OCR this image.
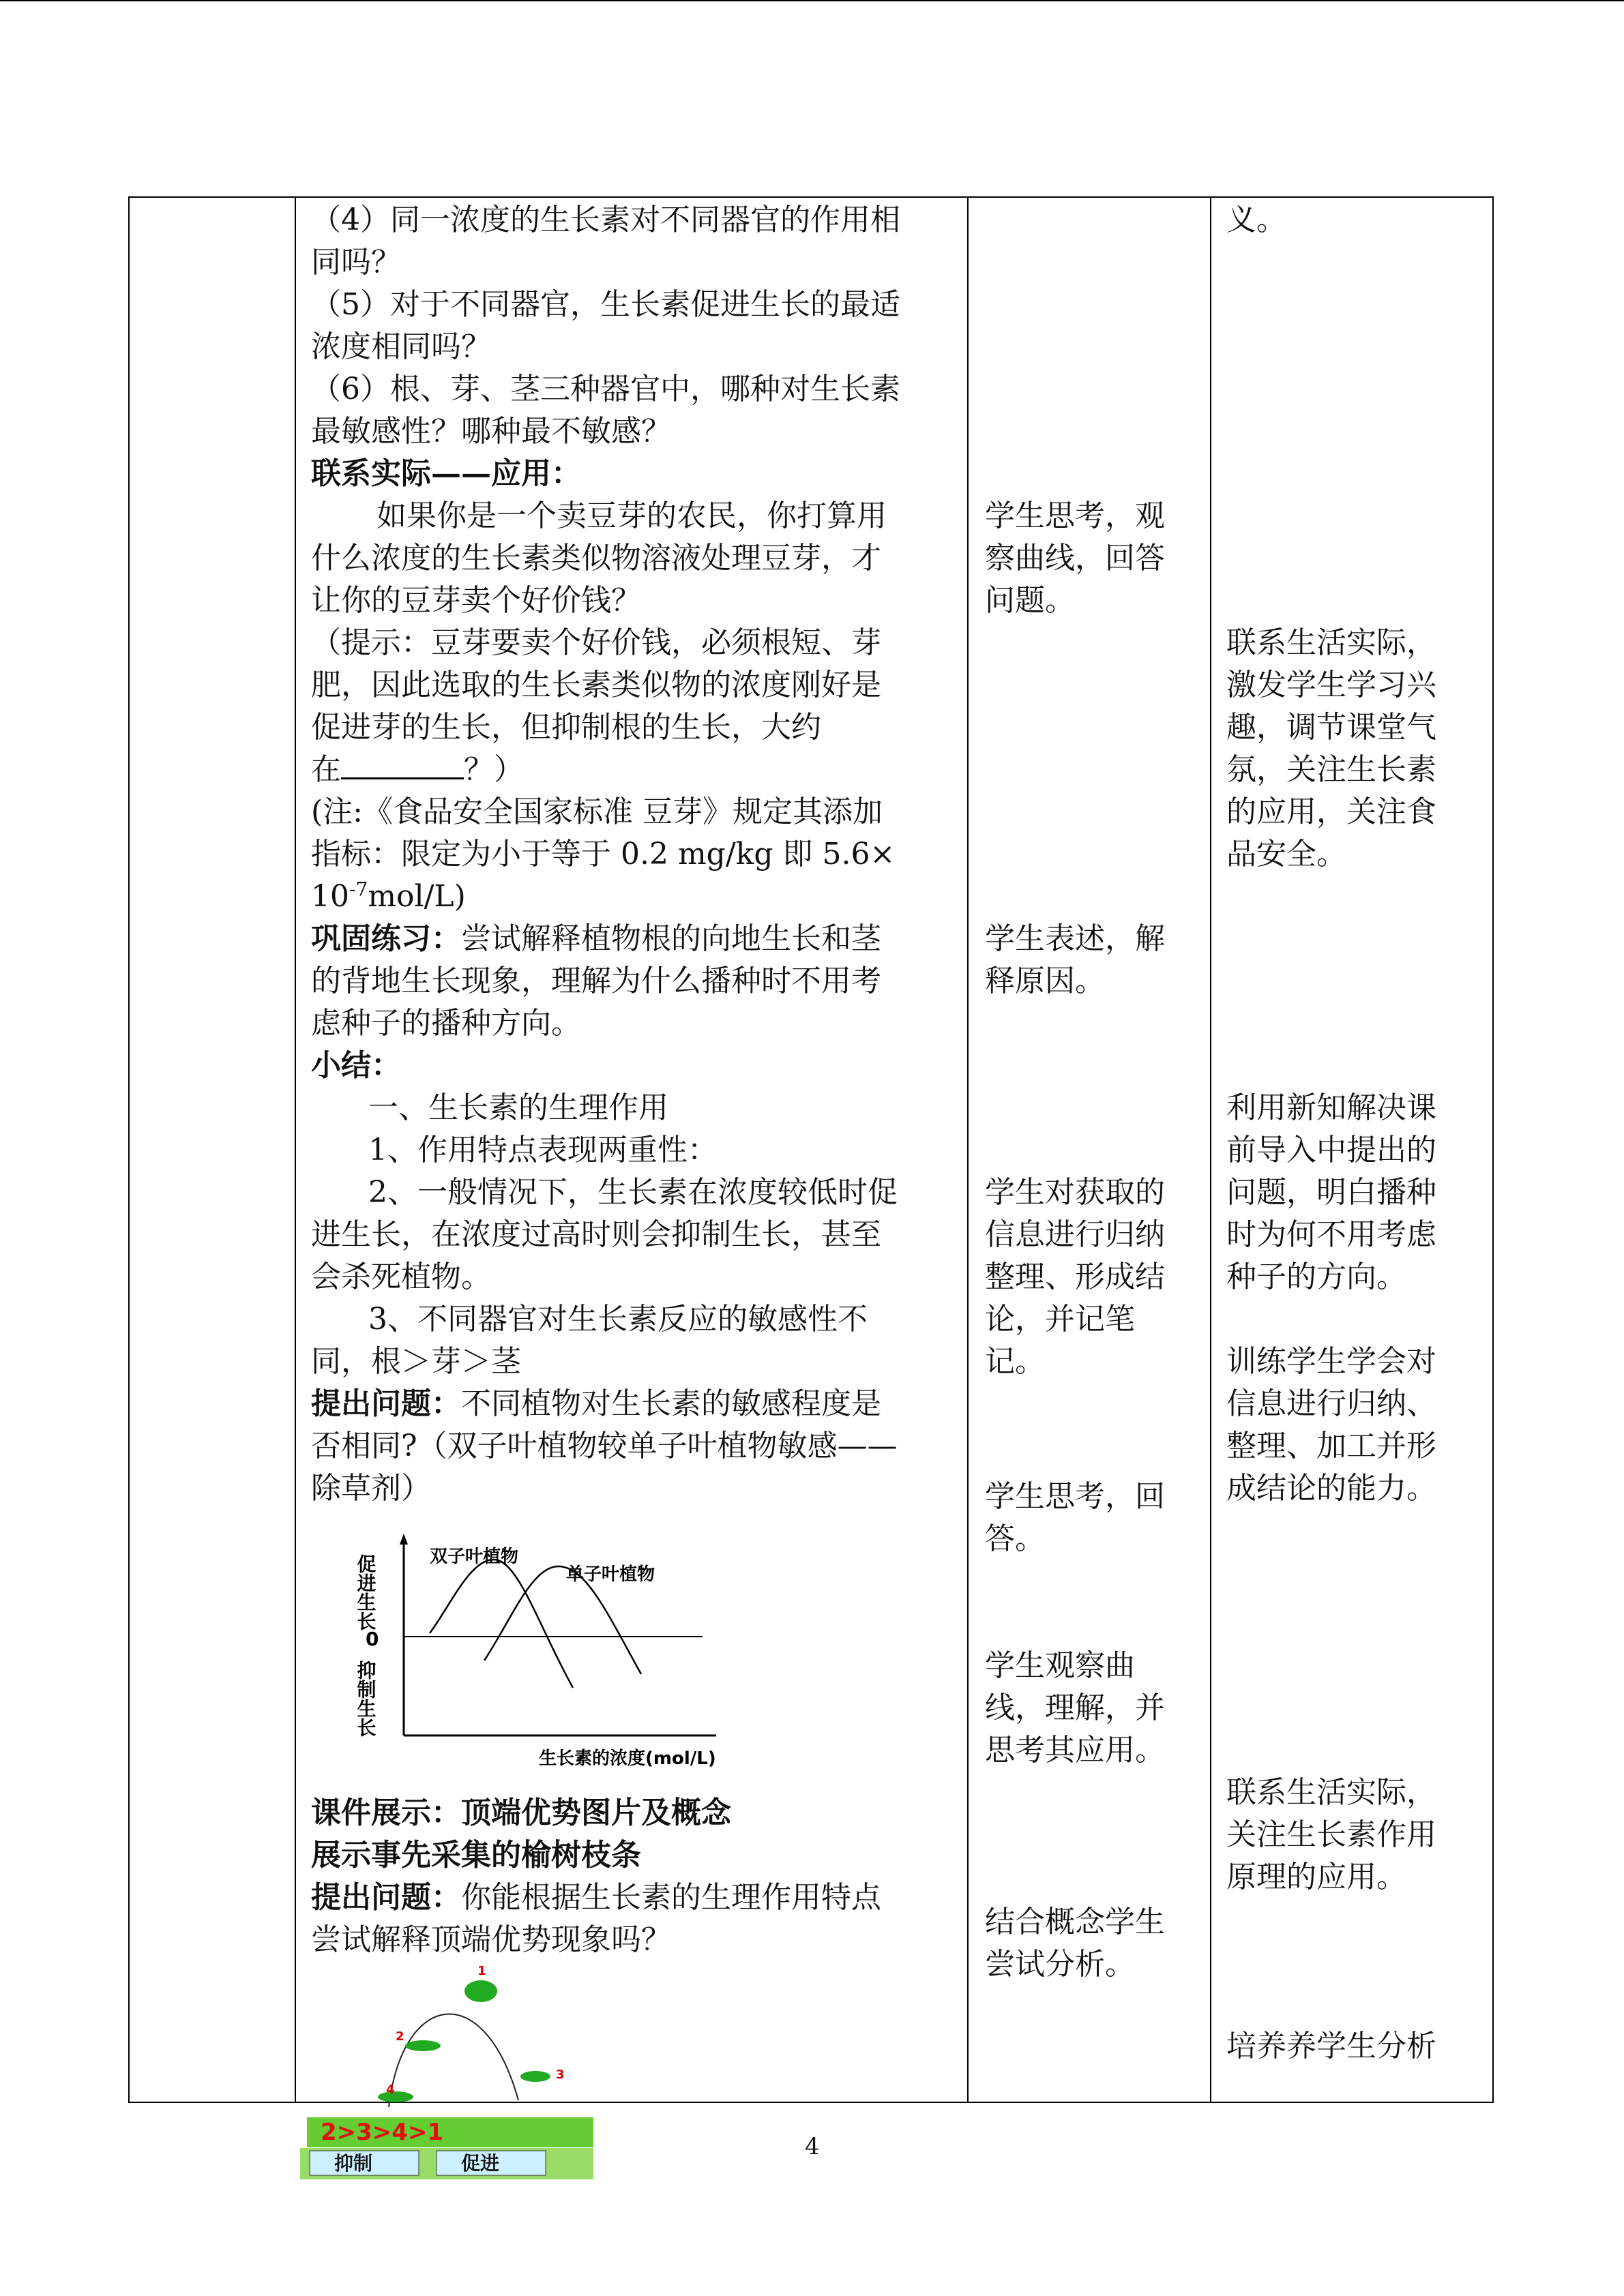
（4）同一浓度的生长素对不同器官的作用相
同吗？
（5）对于不同器官，生长素促进生长的最适
浓度相同吗？
（6）根、芽、茎三种器官中，哪种对生长素
最敏感性？哪种最不敏感？
联系实际——应用：
如果你是一个卖豆芽的农民，你打算用
什么浓度的生长素类似物溶液处理豆芽，才
让你的豆芽卖个好价钱？
（提示：豆芽要卖个好价钱，必须根短、芽
肥，因此选取的生长素类似物的浓度刚好是
促进芽的生长，但抑制根的生长，大约
在	？）
(注:《食品安全国家标准 豆芽》规定其添加
指标：限定为小于等于 0.2 mg/kg 即 5.6×
$10^{-7}mol/L$)
巩固练习：尝试解释植物根的向地生长和茎
的背地生长现象，理解为什么播种时不用考
虑种子的播种方向。
小结：
一、生长素的生理作用
1、作用特点表现两重性：
2、一般情况下，生长素在浓度较低时促
进生长，在浓度过高时则会抑制生长，甚至
会杀死植物。
3、不同器官对生长素反应的敏感性不
同，根＞芽＞茎
提出问题：不同植物对生长素的敏感程度是
否相同?（双子叶植物较单子叶植物敏感——
除草剂）
课件展示：顶端优势图片及概念
展示事先采集的榆树枝条
提出问题：你能根据生长素的生理作用特点
尝试解释顶端优势现象吗？
促进生长
0
抑制生长
双子叶植物
单子叶植物
生长素的浓度(mol/L)
1
2
3
4
2>3>4>1
抑制	促进
学生思考，观
察曲线，回答
问题。
学生表述，解
释原因。
学生对获取的
信息进行归纳
整理、形成结
论，并记笔
记。
学生思考，回
答。
学生观察曲
线，理解，并
思考其应用。
结合概念学生
尝试分析。
义。
联系生活实际，
激发学生学习兴
趣，调节课堂气
氛，关注生长素
的应用，关注食
品安全。
利用新知解决课
前导入中提出的
问题，明白播种
时为何不用考虑
种子的方向。
训练学生学会对
信息进行归纳、
整理、加工并形
成结论的能力。
联系生活实际，
关注生长素作用
原理的应用。
培养养学生分析
4
